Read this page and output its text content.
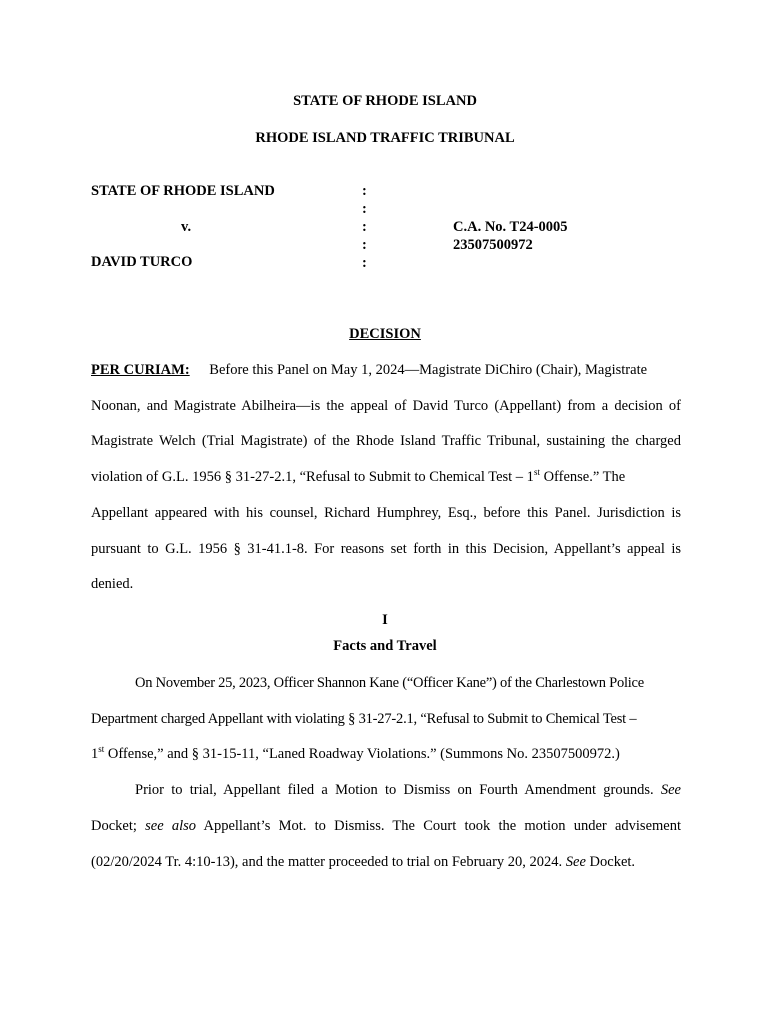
STATE OF RHODE ISLAND
RHODE ISLAND TRAFFIC TRIBUNAL
STATE OF RHODE ISLAND
v.
DAVID TURCO
:
:
:
:
:
C.A. No. T24-0005
23507500972
DECISION
PER CURIAM: Before this Panel on May 1, 2024—Magistrate DiChiro (Chair), Magistrate
Noonan, and Magistrate Abilheira—is the appeal of David Turco (Appellant) from a decision of
Magistrate Welch (Trial Magistrate) of the Rhode Island Traffic Tribunal, sustaining the charged
violation of G.L. 1956 § 31-27-2.1, “Refusal to Submit to Chemical Test – 1st Offense.” The
Appellant appeared with his counsel, Richard Humphrey, Esq., before this Panel. Jurisdiction is
pursuant to G.L. 1956 § 31-41.1-8. For reasons set forth in this Decision, Appellant’s appeal is
denied.
I
Facts and Travel
On November 25, 2023, Officer Shannon Kane (“Officer Kane”) of the Charlestown Police
Department charged Appellant with violating § 31-27-2.1, “Refusal to Submit to Chemical Test –
1st Offense,” and § 31-15-11, “Laned Roadway Violations.” (Summons No. 23507500972.)
Prior to trial, Appellant filed a Motion to Dismiss on Fourth Amendment grounds. See
Docket; see also Appellant’s Mot. to Dismiss. The Court took the motion under advisement
(02/20/2024 Tr. 4:10-13), and the matter proceeded to trial on February 20, 2024. See Docket.
